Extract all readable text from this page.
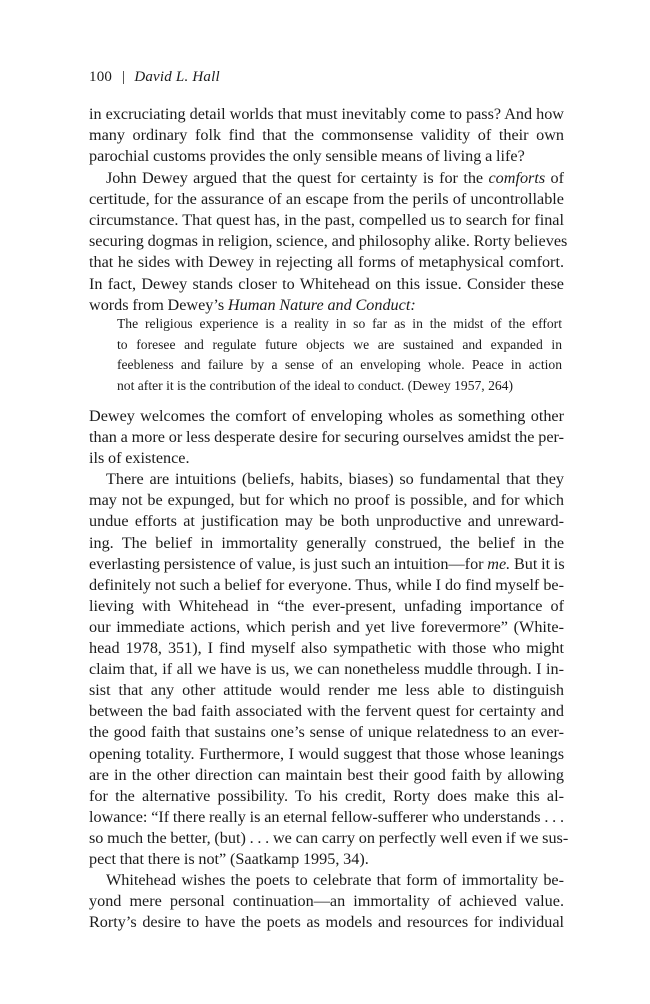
100 | David L. Hall
in excruciating detail worlds that must inevitably come to pass? And how
many ordinary folk find that the commonsense validity of their own
parochial customs provides the only sensible means of living a life?
John Dewey argued that the quest for certainty is for the comforts of
certitude, for the assurance of an escape from the perils of uncontrollable
circumstance. That quest has, in the past, compelled us to search for final
securing dogmas in religion, science, and philosophy alike. Rorty believes
that he sides with Dewey in rejecting all forms of metaphysical comfort.
In fact, Dewey stands closer to Whitehead on this issue. Consider these
words from Dewey’s Human Nature and Conduct:
The religious experience is a reality in so far as in the midst of the effort
to foresee and regulate future objects we are sustained and expanded in
feebleness and failure by a sense of an enveloping whole. Peace in action
not after it is the contribution of the ideal to conduct. (Dewey 1957, 264)
Dewey welcomes the comfort of enveloping wholes as something other
than a more or less desperate desire for securing ourselves amidst the per-
ils of existence.
There are intuitions (beliefs, habits, biases) so fundamental that they
may not be expunged, but for which no proof is possible, and for which
undue efforts at justification may be both unproductive and unreward-
ing. The belief in immortality generally construed, the belief in the
everlasting persistence of value, is just such an intuition—for me. But it is
definitely not such a belief for everyone. Thus, while I do find myself be-
lieving with Whitehead in “the ever-present, unfading importance of
our immediate actions, which perish and yet live forevermore” (White-
head 1978, 351), I find myself also sympathetic with those who might
claim that, if all we have is us, we can nonetheless muddle through. I in-
sist that any other attitude would render me less able to distinguish
between the bad faith associated with the fervent quest for certainty and
the good faith that sustains one’s sense of unique relatedness to an ever-
opening totality. Furthermore, I would suggest that those whose leanings
are in the other direction can maintain best their good faith by allowing
for the alternative possibility. To his credit, Rorty does make this al-
lowance: “If there really is an eternal fellow-sufferer who understands . . .
so much the better, (but) . . . we can carry on perfectly well even if we sus-
pect that there is not” (Saatkamp 1995, 34).
Whitehead wishes the poets to celebrate that form of immortality be-
yond mere personal continuation—an immortality of achieved value.
Rorty’s desire to have the poets as models and resources for individual
